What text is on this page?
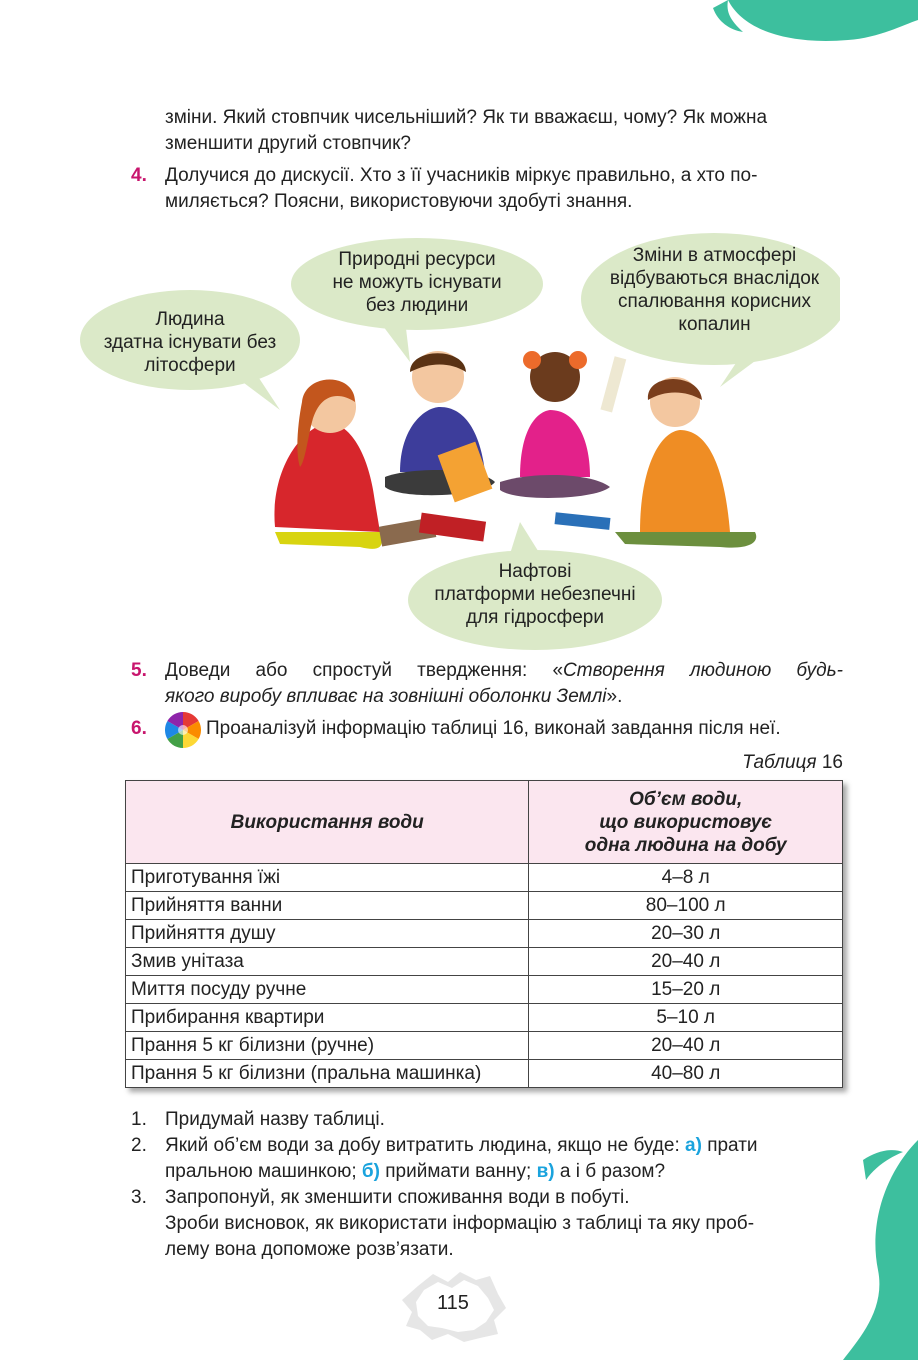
зміни. Який стовпчик чисельніший? Як ти вважаєш, чому? Як можна
зменшити другий стовпчик?
4. Долучися до дискусії. Хто з її учасників міркує правильно, а хто по-
миляється? Поясни, використовуючи здобуті знання.
Людина
здатна існувати без
літосфери
Природні ресурси
не можуть існувати
без людини
Зміни в атмосфері
відбуваються внаслідок
спалювання корисних
копалин
Нафтові
платформи небезпечні
для гідросфери
5. Доведи або спростуй твердження: «Створення людиною будь-
якого виробу впливає на зовнішні оболонки Землі».
6.	Проаналізуй інформацію таблиці 16, виконай завдання після неї.
Таблиця 16
Використання води	Об’єм води,
що використовує
одна людина на добу

Приготування їжі	4–8 л
Прийняття ванни	80–100 л
Прийняття душу	20–30 л
Змив унітаза	20–40 л
Миття посуду ручне	15–20 л
Прибирання квартири	5–10 л
Прання 5 кг білизни (ручне)	20–40 л
Прання 5 кг білизни (пральна машинка)	40–80 л
1. Придумай назву таблиці.
2. Який об’єм води за добу витратить людина, якщо не буде: а) прати
пральною машинкою; б) приймати ванну; в) а і б разом?
3. Запропонуй, як зменшити споживання води в побуті.
Зроби висновок, як використати інформацію з таблиці та яку проб-
лему вона допоможе розв’язати.
115
